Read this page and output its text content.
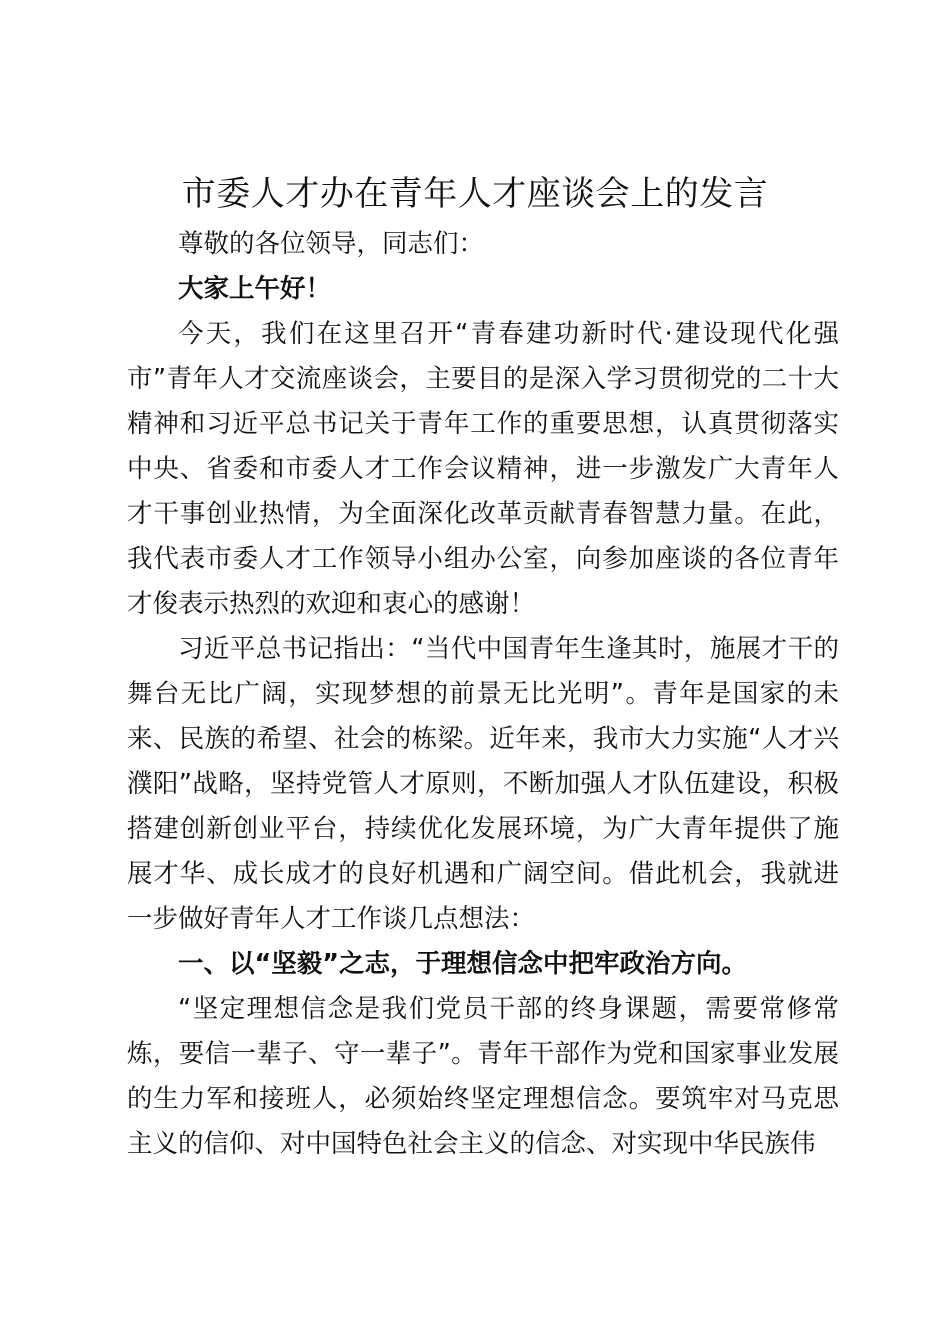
市委人才办在青年人才座谈会上的发言

尊敬的各位领导，同志们：

大家上午好！

今天，我们在这里召开“青春建功新时代·建设现代化强市”青年人才交流座谈会，主要目的是深入学习贯彻党的二十大精神和习近平总书记关于青年工作的重要思想，认真贯彻落实中央、省委和市委人才工作会议精神，进一步激发广大青年人才干事创业热情，为全面深化改革贡献青春智慧力量。在此，我代表市委人才工作领导小组办公室，向参加座谈的各位青年才俊表示热烈的欢迎和衷心的感谢！

习近平总书记指出：“当代中国青年生逢其时，施展才干的舞台无比广阔，实现梦想的前景无比光明”。青年是国家的未来、民族的希望、社会的栋梁。近年来，我市大力实施“人才兴濮阳”战略，坚持党管人才原则，不断加强人才队伍建设，积极搭建创新创业平台，持续优化发展环境，为广大青年提供了施展才华、成长成才的良好机遇和广阔空间。借此机会，我就进一步做好青年人才工作谈几点想法：

一、以“坚毅”之志，于理想信念中把牢政治方向。

“坚定理想信念是我们党员干部的终身课题，需要常修常炼，要信一辈子、守一辈子”。青年干部作为党和国家事业发展的生力军和接班人，必须始终坚定理想信念。要筑牢对马克思主义的信仰、对中国特色社会主义的信念、对实现中华民族伟
